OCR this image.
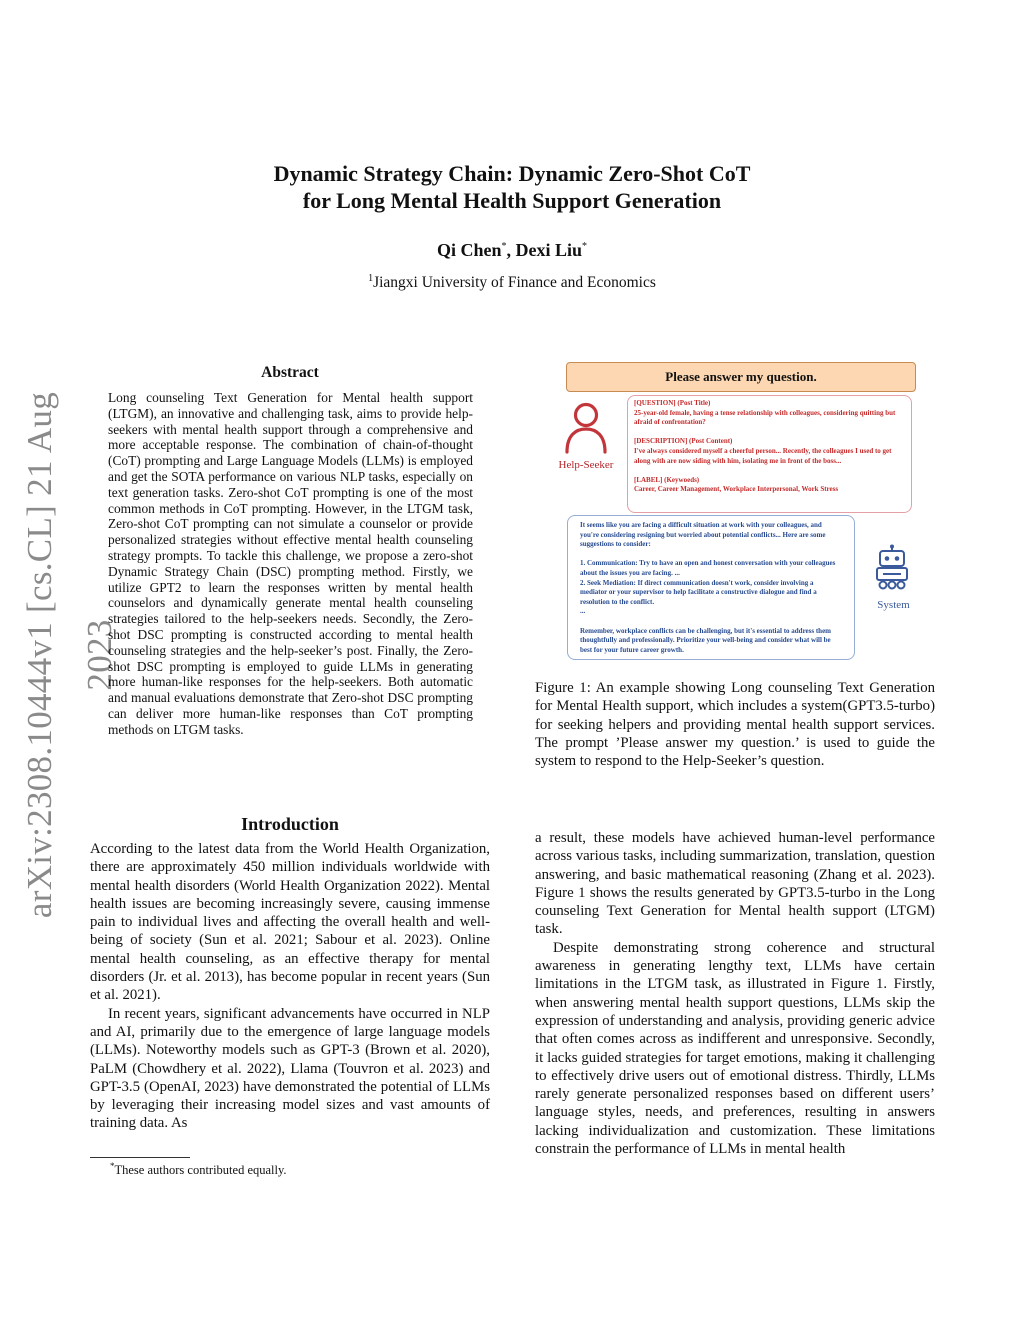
arXiv:2308.10444v1 [cs.CL] 21 Aug 2023
Dynamic Strategy Chain: Dynamic Zero-Shot CoT
for Long Mental Health Support Generation
Qi Chen*, Dexi Liu*
$^1$Jiangxi University of Finance and Economics
Abstract
Long counseling Text Generation for Mental health support (LTGM), an innovative and challenging task, aims to provide help-seekers with mental health support through a comprehensive and more acceptable response. The combination of chain-of-thought (CoT) prompting and Large Language Models (LLMs) is employed and get the SOTA performance on various NLP tasks, especially on text generation tasks. Zero-shot CoT prompting is one of the most common methods in CoT prompting. However, in the LTGM task, Zero-shot CoT prompting can not simulate a counselor or provide personalized strategies without effective mental health counseling strategy prompts. To tackle this challenge, we propose a zero-shot Dynamic Strategy Chain (DSC) prompting method. Firstly, we utilize GPT2 to learn the responses written by mental health counselors and dynamically generate mental health counseling strategies tailored to the help-seekers needs. Secondly, the Zero-shot DSC prompting is constructed according to mental health counseling strategies and the help-seeker’s post. Finally, the Zero-shot DSC prompting is employed to guide LLMs in generating more human-like responses for the help-seekers. Both automatic and manual evaluations demonstrate that Zero-shot DSC prompting can deliver more human-like responses than CoT prompting methods on LTGM tasks.
Please answer my question.
Help-Seeker
[QUESTION] (Post Title)
25-year-old female, having a tense relationship with colleagues, considering quitting but afraid of confrontation?
[DESCRIPTION] (Post Content)
I've always considered myself a cheerful person... Recently, the colleagues I used to get along with are now siding with him, isolating me in front of the boss...
[LABEL] (Keywoeds)
Career, Career Management, Workplace Interpersonal, Work Stress
It seems like you are facing a difficult situation at work with your colleagues, and you're considering resigning but worried about potential conflicts... Here are some suggestions to consider:
1. Communication: Try to have an open and honest conversation with your colleagues about the issues you are facing. ...
2. Seek Mediation: If direct communication doesn't work, consider involving a mediator or your supervisor to help facilitate a constructive dialogue and find a resolution to the conflict.
...
Remember, workplace conflicts can be challenging, but it's essential to address them thoughtfully and professionally. Prioritize your well-being and consider what will be best for your future career growth.
System
Figure 1: An example showing Long counseling Text Generation for Mental Health support, which includes a system(GPT3.5-turbo) for seeking helpers and providing mental health support services. The prompt ’Please answer my question.’ is used to guide the system to respond to the Help-Seeker’s question.
Introduction

According to the latest data from the World Health Organization, there are approximately 450 million individuals worldwide with mental health disorders (World Health Organization 2022). Mental health issues are becoming increasingly severe, causing immense pain to individual lives and affecting the overall health and well-being of society (Sun et al. 2021; Sabour et al. 2023). Online mental health counseling, as an effective therapy for mental disorders (Jr. et al. 2013), has become popular in recent years (Sun et al. 2021).

In recent years, significant advancements have occurred in NLP and AI, primarily due to the emergence of large language models (LLMs). Noteworthy models such as GPT-3 (Brown et al. 2020), PaLM (Chowdhery et al. 2022), Llama (Touvron et al. 2023) and GPT-3.5 (OpenAI, 2023) have demonstrated the potential of LLMs by leveraging their increasing model sizes and vast amounts of training data. As

a result, these models have achieved human-level performance across various tasks, including summarization, translation, question answering, and basic mathematical reasoning (Zhang et al. 2023). Figure 1 shows the results generated by GPT3.5-turbo in the Long counseling Text Generation for Mental health support (LTGM) task.

Despite demonstrating strong coherence and structural awareness in generating lengthy text, LLMs have certain limitations in the LTGM task, as illustrated in Figure 1. Firstly, when answering mental health support questions, LLMs skip the expression of understanding and analysis, providing generic advice that often comes across as indifferent and unresponsive. Secondly, it lacks guided strategies for target emotions, making it challenging to effectively drive users out of emotional distress. Thirdly, LLMs rarely generate personalized responses based on different users’ language styles, needs, and preferences, resulting in answers lacking individualization and customization. These limitations constrain the performance of LLMs in mental health

*These authors contributed equally.
